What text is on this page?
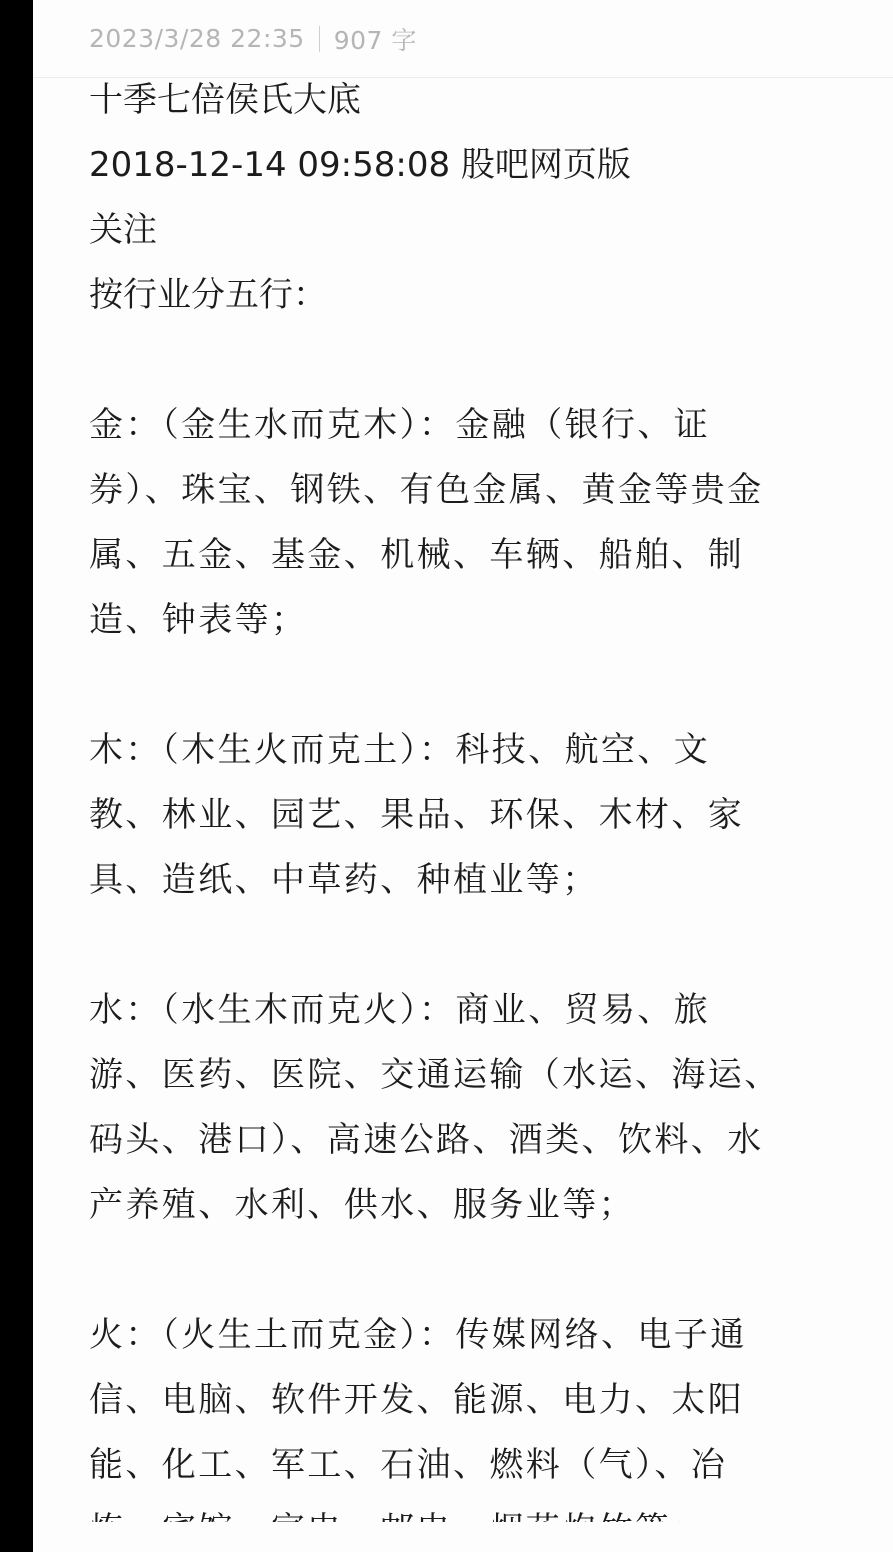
2023/3/28 22:35 907 字
十季七倍侯氏大底
2018-12-14 09:58:08 股吧网页版
关注
按行业分五行：
金：（金生水而克木）：金融（银行、证
券）、珠宝、钢铁、有色金属、黄金等贵金
属、五金、基金、机械、车辆、船舶、制
造、钟表等；
木：（木生火而克土）：科技、航空、文
教、林业、园艺、果品、环保、木材、家
具、造纸、中草药、种植业等；
水：（水生木而克火）：商业、贸易、旅
游、医药、医院、交通运输（水运、海运、
码头、港口）、高速公路、酒类、饮料、水
产养殖、水利、供水、服务业等；
火：（火生土而克金）：传媒网络、电子通
信、电脑、软件开发、能源、电力、太阳
能、化工、军工、石油、燃料（气）、冶
